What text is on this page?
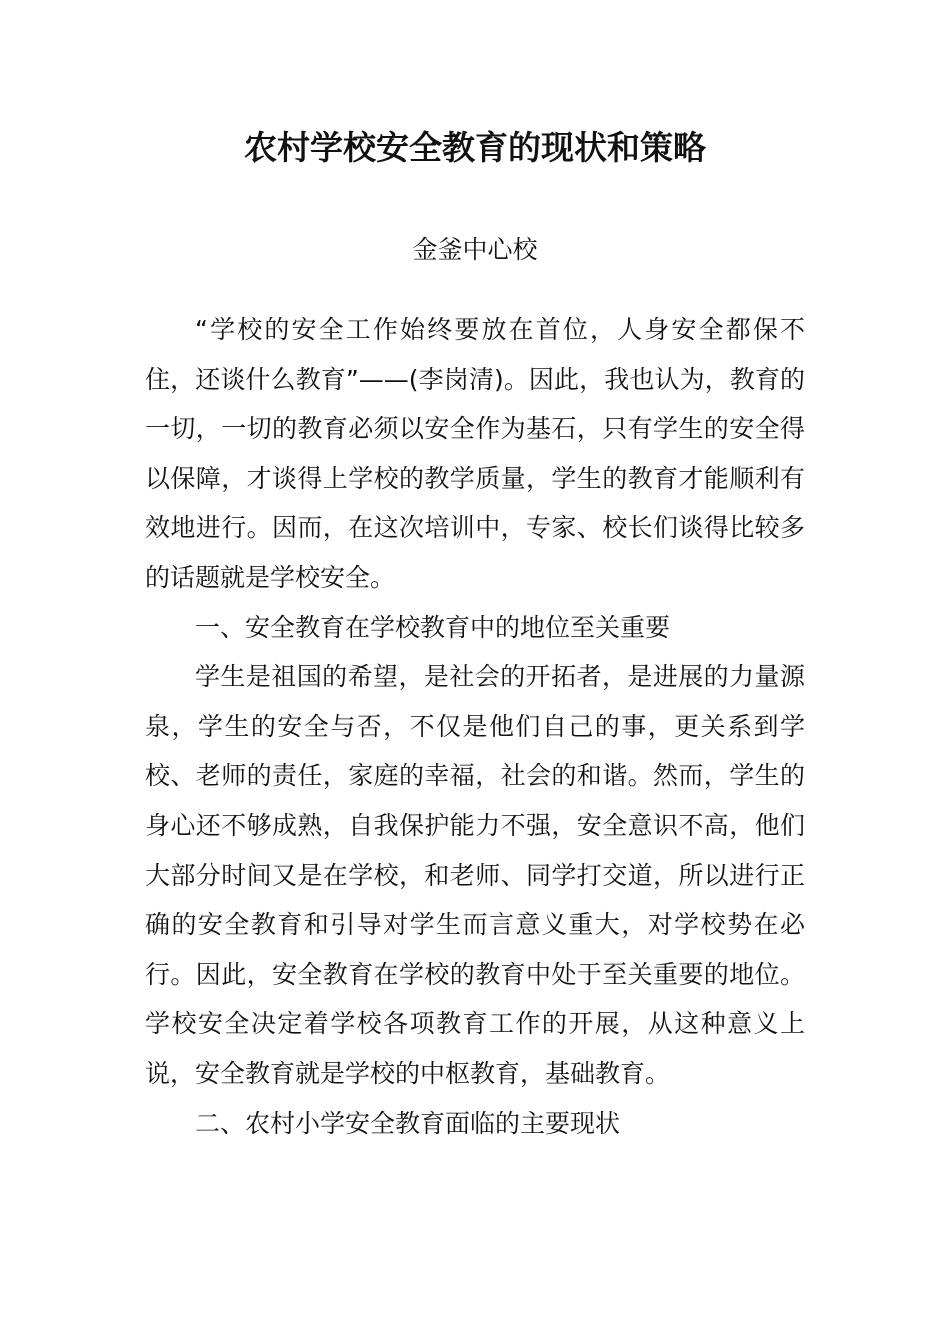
农村学校安全教育的现状和策略
金釜中心校

“学校的安全工作始终要放在首位，人身安全都保不住，还谈什么教育”——(李岗清)。因此，我也认为，教育的一切，一切的教育必须以安全作为基石，只有学生的安全得以保障，才谈得上学校的教学质量，学生的教育才能顺利有效地进行。因而，在这次培训中，专家、校长们谈得比较多的话题就是学校安全。

一、安全教育在学校教育中的地位至关重要

学生是祖国的希望，是社会的开拓者，是进展的力量源泉，学生的安全与否，不仅是他们自己的事，更关系到学校、老师的责任，家庭的幸福，社会的和谐。然而，学生的身心还不够成熟，自我保护能力不强，安全意识不高，他们大部分时间又是在学校，和老师、同学打交道，所以进行正确的安全教育和引导对学生而言意义重大，对学校势在必行。因此，安全教育在学校的教育中处于至关重要的地位。学校安全决定着学校各项教育工作的开展，从这种意义上说，安全教育就是学校的中枢教育，基础教育。

二、农村小学安全教育面临的主要现状
